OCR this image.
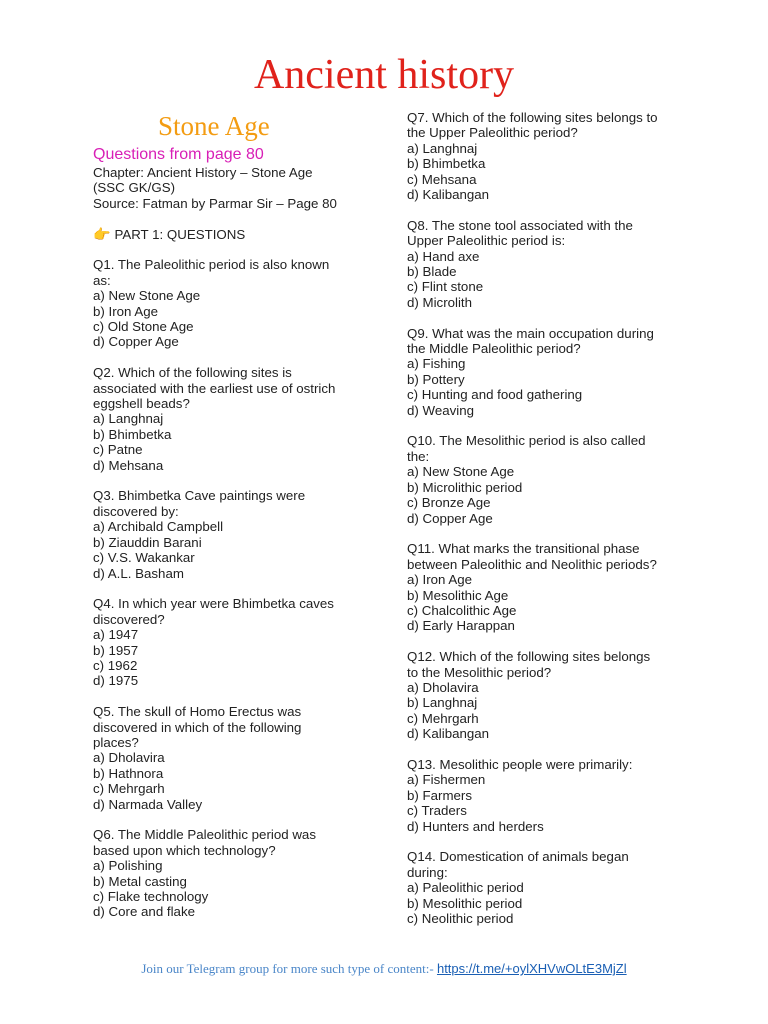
Ancient history
Stone Age
Questions from page 80
Chapter: Ancient History – Stone Age
(SSC GK/GS)
Source: Fatman by Parmar Sir – Page 80
👉 PART 1: QUESTIONS
Q1. The Paleolithic period is also known
as:
a) New Stone Age
b) Iron Age
c) Old Stone Age
d) Copper Age
Q2. Which of the following sites is
associated with the earliest use of ostrich
eggshell beads?
a) Langhnaj
b) Bhimbetka
c) Patne
d) Mehsana
Q3. Bhimbetka Cave paintings were
discovered by:
a) Archibald Campbell
b) Ziauddin Barani
c) V.S. Wakankar
d) A.L. Basham
Q4. In which year were Bhimbetka caves
discovered?
a) 1947
b) 1957
c) 1962
d) 1975
Q5. The skull of Homo Erectus was
discovered in which of the following
places?
a) Dholavira
b) Hathnora
c) Mehrgarh
d) Narmada Valley
Q6. The Middle Paleolithic period was
based upon which technology?
a) Polishing
b) Metal casting
c) Flake technology
d) Core and flake
Q7. Which of the following sites belongs to
the Upper Paleolithic period?
a) Langhnaj
b) Bhimbetka
c) Mehsana
d) Kalibangan
Q8. The stone tool associated with the
Upper Paleolithic period is:
a) Hand axe
b) Blade
c) Flint stone
d) Microlith
Q9. What was the main occupation during
the Middle Paleolithic period?
a) Fishing
b) Pottery
c) Hunting and food gathering
d) Weaving
Q10. The Mesolithic period is also called
the:
a) New Stone Age
b) Microlithic period
c) Bronze Age
d) Copper Age
Q11. What marks the transitional phase
between Paleolithic and Neolithic periods?
a) Iron Age
b) Mesolithic Age
c) Chalcolithic Age
d) Early Harappan
Q12. Which of the following sites belongs
to the Mesolithic period?
a) Dholavira
b) Langhnaj
c) Mehrgarh
d) Kalibangan
Q13. Mesolithic people were primarily:
a) Fishermen
b) Farmers
c) Traders
d) Hunters and herders
Q14. Domestication of animals began
during:
a) Paleolithic period
b) Mesolithic period
c) Neolithic period
Join our Telegram group for more such type of content:- https://t.me/+oylXHVwOLtE3MjZl
